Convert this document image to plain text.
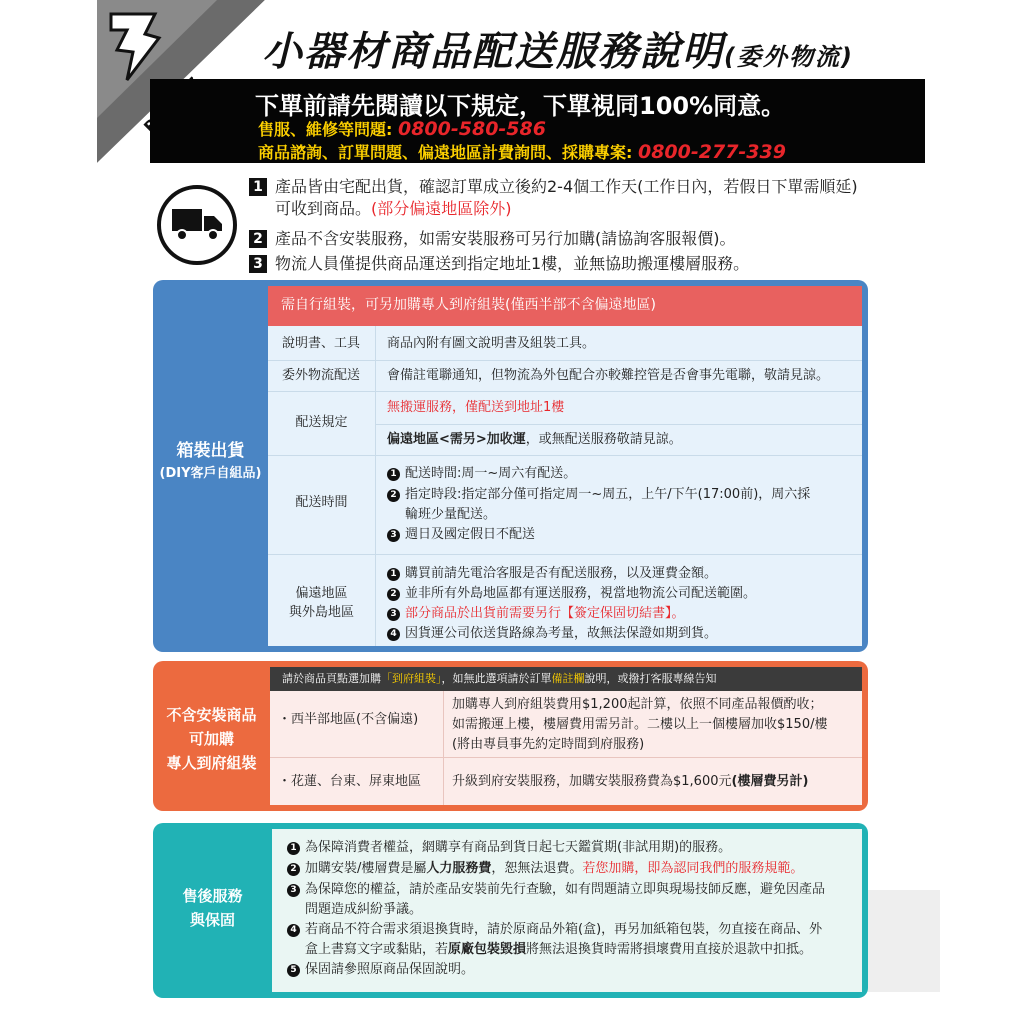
小器材商品配送服務說明(委外物流)
下單前請先閱讀以下規定，下單視同100%同意。
售服、維修等問題: 0800-580-586
商品諮詢、訂單問題、偏遠地區計費詢問、採購專案: 0800-277-339
1 產品皆由宅配出貨，確認訂單成立後約2-4個工作天(工作日內，若假日下單需順延)
可收到商品。(部分偏遠地區除外)
2 產品不含安裝服務，如需安裝服務可另行加購(請協詢客服報價)。
3 物流人員僅提供商品運送到指定地址1樓，並無協助搬運樓層服務。
需自行組裝，可另加購專人到府組裝(僅西半部不含偏遠地區)
箱裝出貨
(DIY客戶自組品)
說明書、工具 商品內附有圖文說明書及組裝工具。
委外物流配送 會備註電聯通知，但物流為外包配合亦較難控管是否會事先電聯，敬請見諒。
配送規定
無搬運服務，僅配送到地址1樓
偏遠地區<需另>加收運，或無配送服務敬請見諒。
配送時間
1 配送時間:周一~周六有配送。
2 指定時段:指定部分僅可指定周一~周五，上午/下午(17:00前)，周六採
輪班少量配送。
3 週日及國定假日不配送
偏遠地區
與外島地區
1 購買前請先電洽客服是否有配送服務，以及運費金額。
2 並非所有外島地區都有運送服務，視當地物流公司配送範圍。
3 部分商品於出貨前需要另行【簽定保固切結書】。
4 因貨運公司依送貨路線為考量，故無法保證如期到貨。
請於商品頁點選加購「到府組裝」，如無此選項請於訂單備註欄說明，或撥打客服專線告知
不含安裝商品
可加購
專人到府組裝
・西半部地區(不含偏遠)
加購專人到府組裝費用$1,200起計算，依照不同產品報價酌收；
如需搬運上樓，樓層費用需另計。二樓以上一個樓層加收$150/樓
(將由專員事先約定時間到府服務)
・花蓮、台東、屏東地區 升級到府安裝服務，加購安裝服務費為$1,600元(樓層費另計)
售後服務
與保固
1 為保障消費者權益，網購享有商品到貨日起七天鑑賞期(非試用期)的服務。
2 加購安裝/樓層費是屬人力服務費，恕無法退費。若您加購，即為認同我們的服務規範。
3 為保障您的權益，請於產品安裝前先行查驗，如有問題請立即與現場技師反應，避免因產品
問題造成糾紛爭議。
4 若商品不符合需求須退換貨時，請於原商品外箱(盒)，再另加紙箱包裝，勿直接在商品、外
盒上書寫文字或黏貼，若原廠包裝毀損將無法退換貨時需將損壞費用直接於退款中扣抵。
5 保固請參照原商品保固說明。
